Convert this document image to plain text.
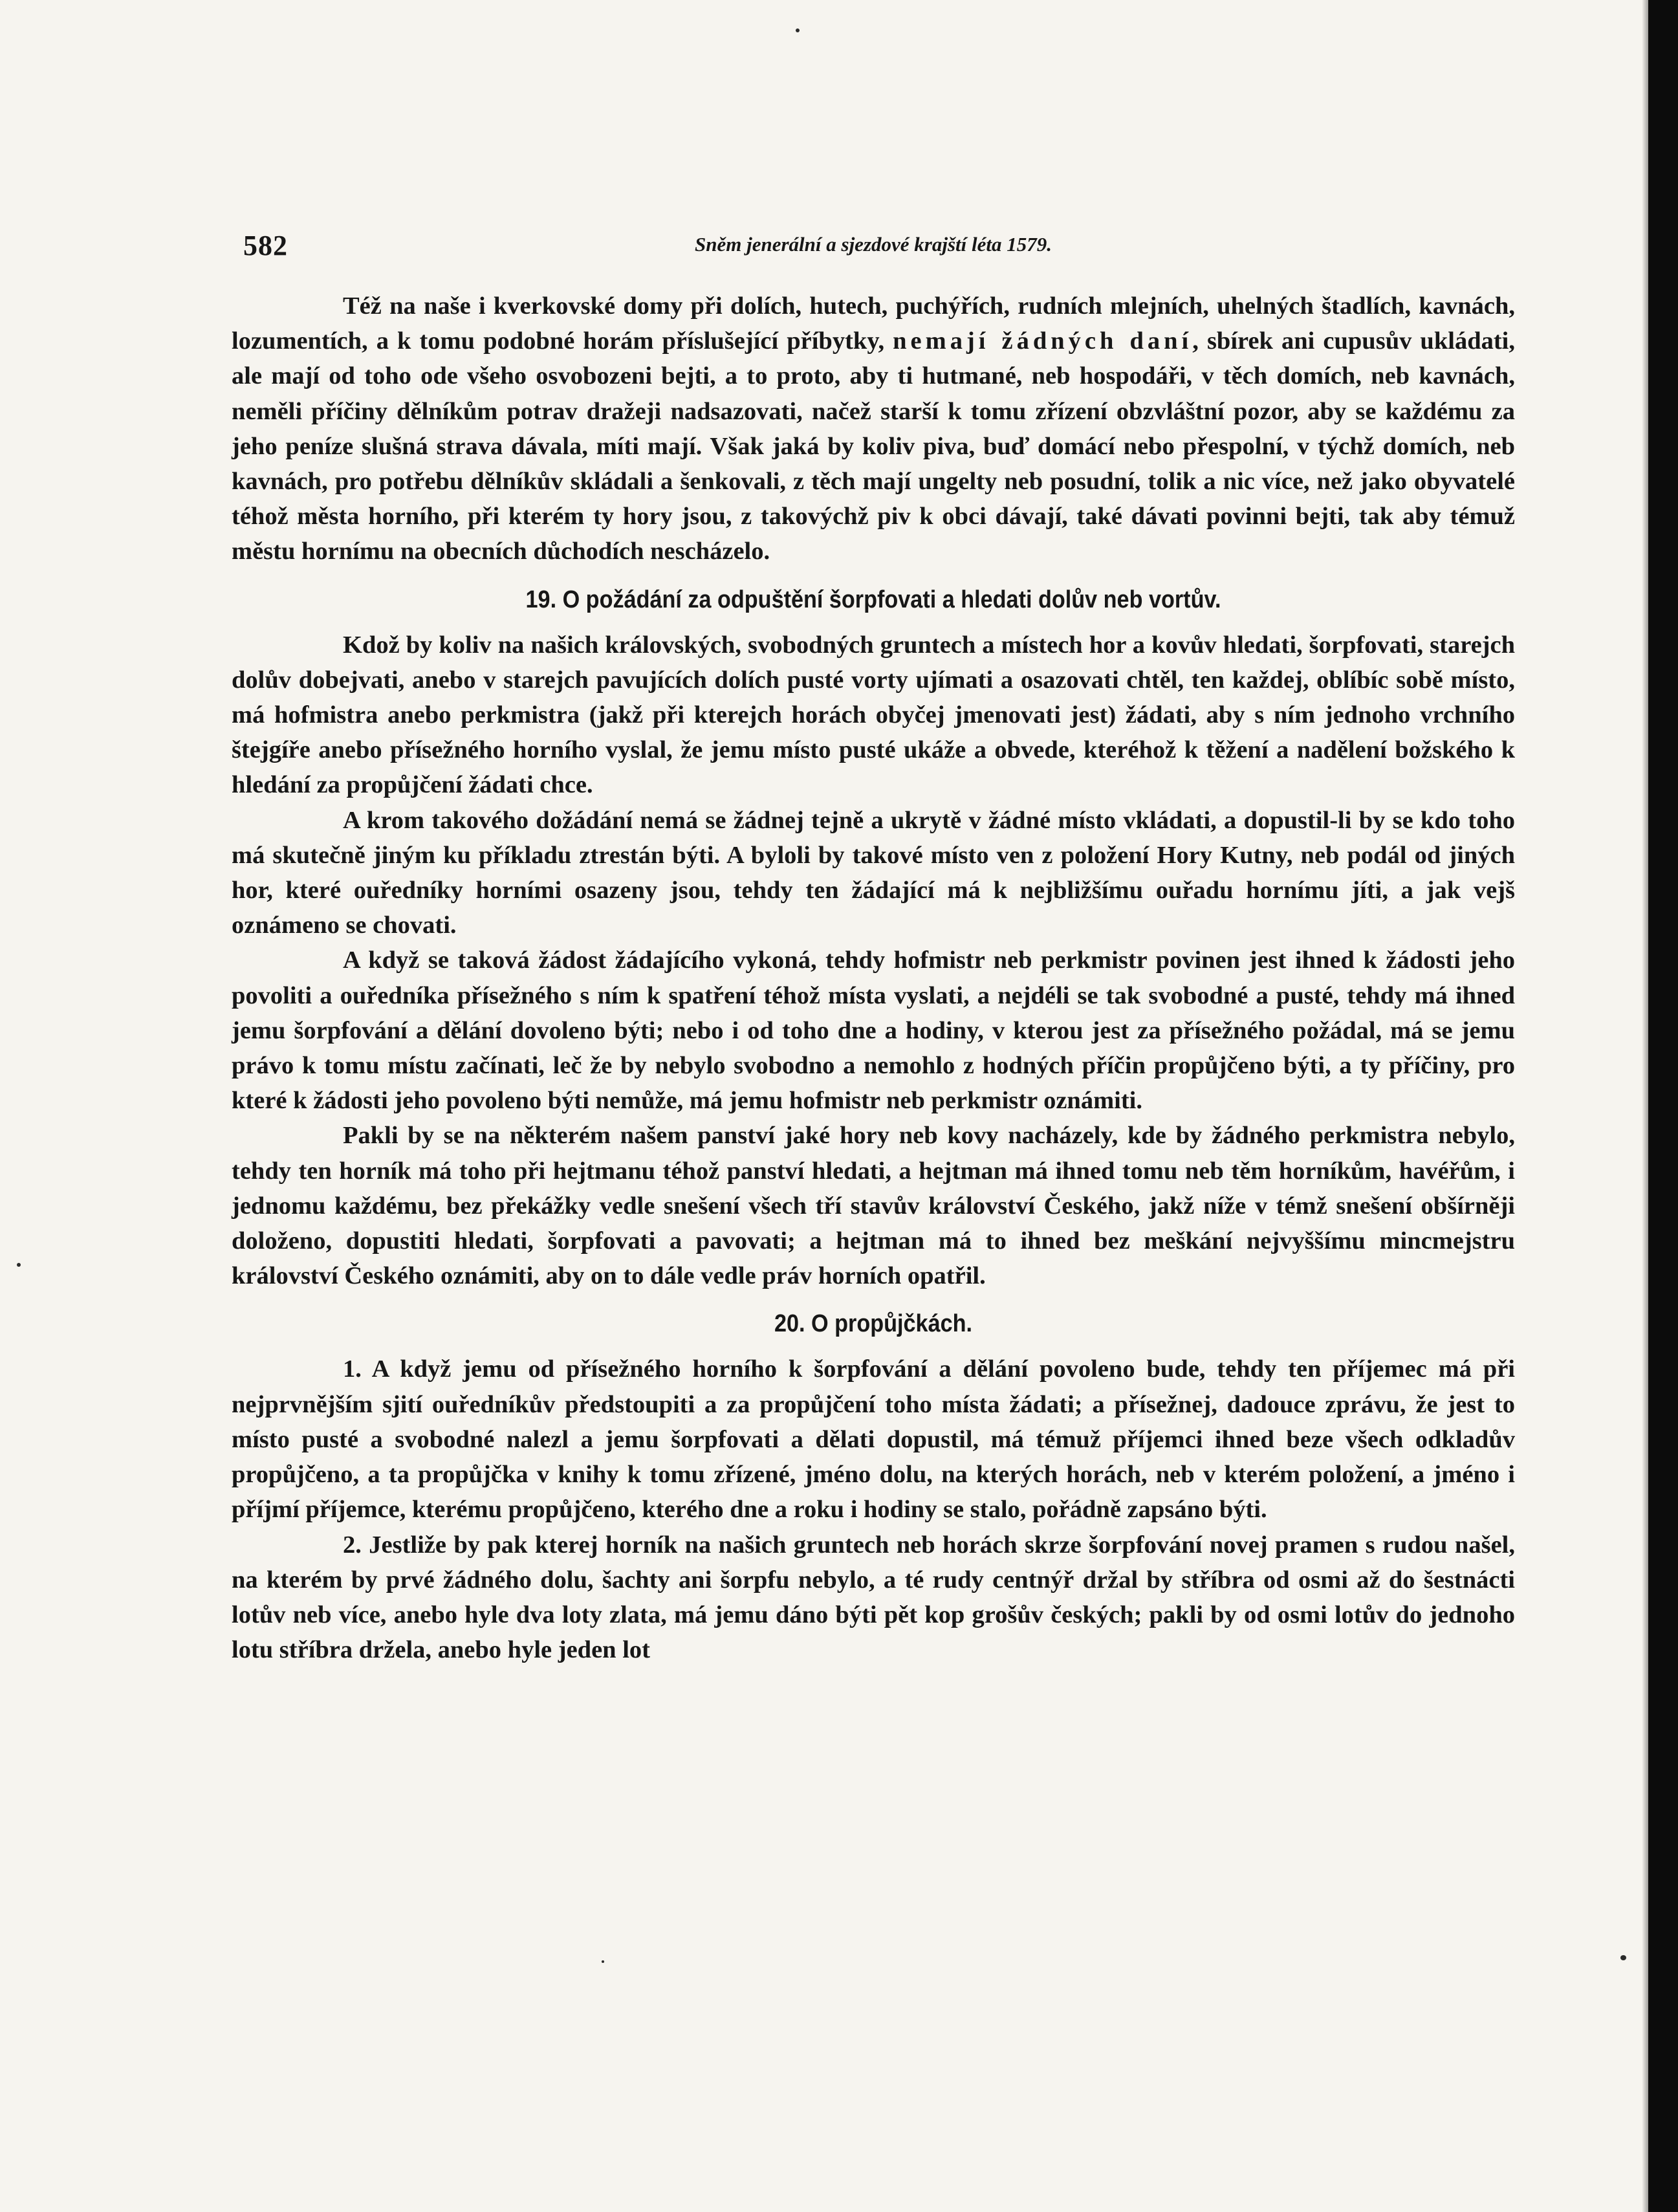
582	Sněm jenerální a sjezdové krajští léta 1579.

Též na naše i kverkovské domy při dolích, hutech, puchýřích, rudních mlejních, uhelných štadlích, kavnách, lozumentích, a k tomu podobné horám příslušející příbytky, nemají žádných daní, sbírek ani cupusův ukládati, ale mají od toho ode všeho osvobozeni bejti, a to proto, aby ti hutmané, neb hospodáři, v těch domích, neb kavnách, neměli příčiny dělníkům potrav dražeji nadsazovati, načež starší k tomu zřízení obzvláštní pozor, aby se každému za jeho peníze slušná strava dávala, míti mají. Však jaká by koliv piva, buď domácí nebo přespolní, v týchž domích, neb kavnách, pro potřebu dělníkův skládali a šenkovali, z těch mají ungelty neb posudní, tolik a nic více, než jako obyvatelé téhož města horního, při kterém ty hory jsou, z takovýchž piv k obci dávají, také dávati povinni bejti, tak aby témuž městu hornímu na obecních důchodích nescházelo.

19. O požádání za odpuštění šorpfovati a hledati dolův neb vortův.

Kdož by koliv na našich královských, svobodných gruntech a místech hor a kovův hledati, šorpfovati, starejch dolův dobejvati, anebo v starejch pavujících dolích pusté vorty ujímati a osazovati chtěl, ten každej, oblíbíc sobě místo, má hofmistra anebo perkmistra (jakž při kterejch horách obyčej jmenovati jest) žádati, aby s ním jednoho vrchního štejgíře anebo přísežného horního vyslal, že jemu místo pusté ukáže a obvede, kteréhož k těžení a nadělení božského k hledání za propůjčení žádati chce.

A krom takového dožádání nemá se žádnej tejně a ukrytě v žádné místo vkládati, a dopustil-li by se kdo toho má skutečně jiným ku příkladu ztrestán býti. A byloli by takové místo ven z položení Hory Kutny, neb podál od jiných hor, které ouředníky horními osazeny jsou, tehdy ten žádající má k nejbližšímu ouřadu hornímu jíti, a jak vejš oznámeno se chovati.

A když se taková žádost žádajícího vykoná, tehdy hofmistr neb perkmistr povinen jest ihned k žádosti jeho povoliti a ouředníka přísežného s ním k spatření téhož místa vyslati, a nejdéli se tak svobodné a pusté, tehdy má ihned jemu šorpfování a dělání dovoleno býti; nebo i od toho dne a hodiny, v kterou jest za přísežného požádal, má se jemu právo k tomu místu začínati, leč že by nebylo svobodno a nemohlo z hodných příčin propůjčeno býti, a ty příčiny, pro které k žádosti jeho povoleno býti nemůže, má jemu hofmistr neb perkmistr oznámiti.

Pakli by se na některém našem panství jaké hory neb kovy nacházely, kde by žádného perkmistra nebylo, tehdy ten horník má toho při hejtmanu téhož panství hledati, a hejtman má ihned tomu neb těm horníkům, havéřům, i jednomu každému, bez překážky vedle snešení všech tří stavův království Českého, jakž níže v témž snešení obšírněji doloženo, dopustiti hledati, šorpfovati a pavovati; a hejtman má to ihned bez meškání nejvyššímu mincmejstru království Českého oznámiti, aby on to dále vedle práv horních opatřil.

20. O propůjčkách.

1. A když jemu od přísežného horního k šorpfování a dělání povoleno bude, tehdy ten příjemec má při nejprvnějším sjití ouředníkův předstoupiti a za propůjčení toho místa žádati; a přísežnej, dadouce zprávu, že jest to místo pusté a svobodné nalezl a jemu šorpfovati a dělati dopustil, má témuž příjemci ihned beze všech odkladův propůjčeno, a ta propůjčka v knihy k tomu zřízené, jméno dolu, na kterých horách, neb v kterém položení, a jméno i příjmí příjemce, kterému propůjčeno, kterého dne a roku i hodiny se stalo, pořádně zapsáno býti.

2. Jestliže by pak kterej horník na našich gruntech neb horách skrze šorpfování novej pramen s rudou našel, na kterém by prvé žádného dolu, šachty ani šorpfu nebylo, a té rudy centnýř držal by stříbra od osmi až do šestnácti lotův neb více, anebo hyle dva loty zlata, má jemu dáno býti pět kop grošův českých; pakli by od osmi lotův do jednoho lotu stříbra držela, anebo hyle jeden lot
